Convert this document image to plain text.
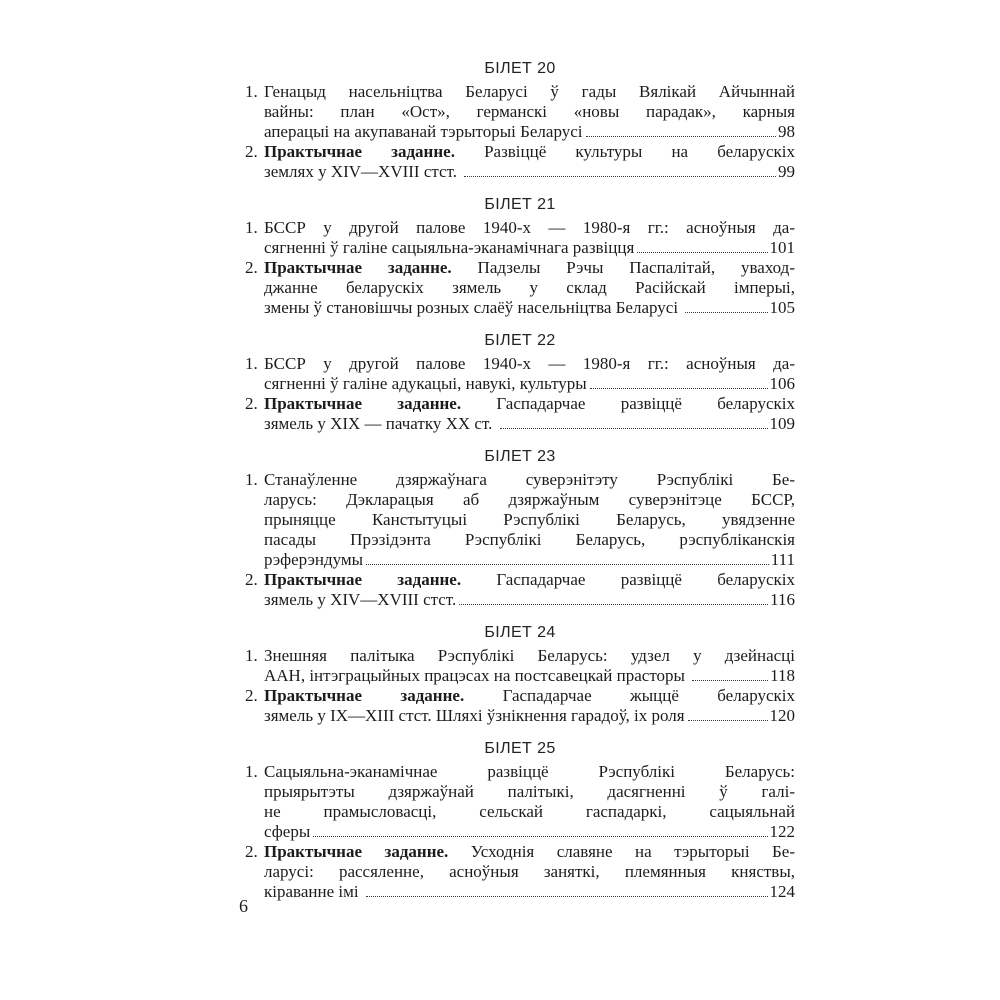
БІЛЕТ 20
1. Генацыд насельніцтва Беларусі ў гады Вялікай Айчыннай
вайны: план «Ост», германскі «новы парадак», карныя
аперацыі на акупаванай тэрыторыі Беларусі	98
2. Практычнае заданне. Развіццё культуры на беларускіх
землях у XIV—XVIII стст.	99
БІЛЕТ 21
1. БССР у другой палове 1940-х — 1980-я гг.: асноўныя да-
сягненні ў галіне сацыяльна-эканамічнага развіцця	101
2. Практычнае заданне. Падзелы Рэчы Паспалітай, уваход-
джанне беларускіх зямель у склад Расійскай імперыі,
змены ў становішчы розных слаёў насельніцтва Беларусі	105
БІЛЕТ 22
1. БССР у другой палове 1940-х — 1980-я гг.: асноўныя да-
сягненні ў галіне адукацыі, навукі, культуры	106
2. Практычнае заданне. Гаспадарчае развіццё беларускіх
зямель у XIX — пачатку XX ст.	109
БІЛЕТ 23
1. Станаўленне дзяржаўнага суверэнітэту Рэспублікі Бе-
ларусь: Дэкларацыя аб дзяржаўным суверэнітэце БССР,
прыняцце Канстытуцыі Рэспублікі Беларусь, увядзенне
пасады Прэзідэнта Рэспублікі Беларусь, рэспубліканскія
рэферэндумы	111
2. Практычнае заданне. Гаспадарчае развіццё беларускіх
зямель у XIV—XVIII стст.	116
БІЛЕТ 24
1. Знешняя палітыка Рэспублікі Беларусь: удзел у дзейнасці
ААН, інтэграцыйных працэсах на постсавецкай прасторы	118
2. Практычнае заданне. Гаспадарчае жыццё беларускіх
зямель у IX—XIII стст. Шляхі ўзнікнення гарадоў, іх роля	120
БІЛЕТ 25
1. Сацыяльна-эканамічнае развіццё Рэспублікі Беларусь:
прыярытэты дзяржаўнай палітыкі, дасягненні ў галі-
не прамысловасці, сельскай гаспадаркі, сацыяльнай
сферы	122
2. Практычнае заданне. Усходнія славяне на тэрыторыі Бе-
ларусі: рассяленне, асноўныя заняткі, племянныя княствы,
кіраванне імі	124
6
